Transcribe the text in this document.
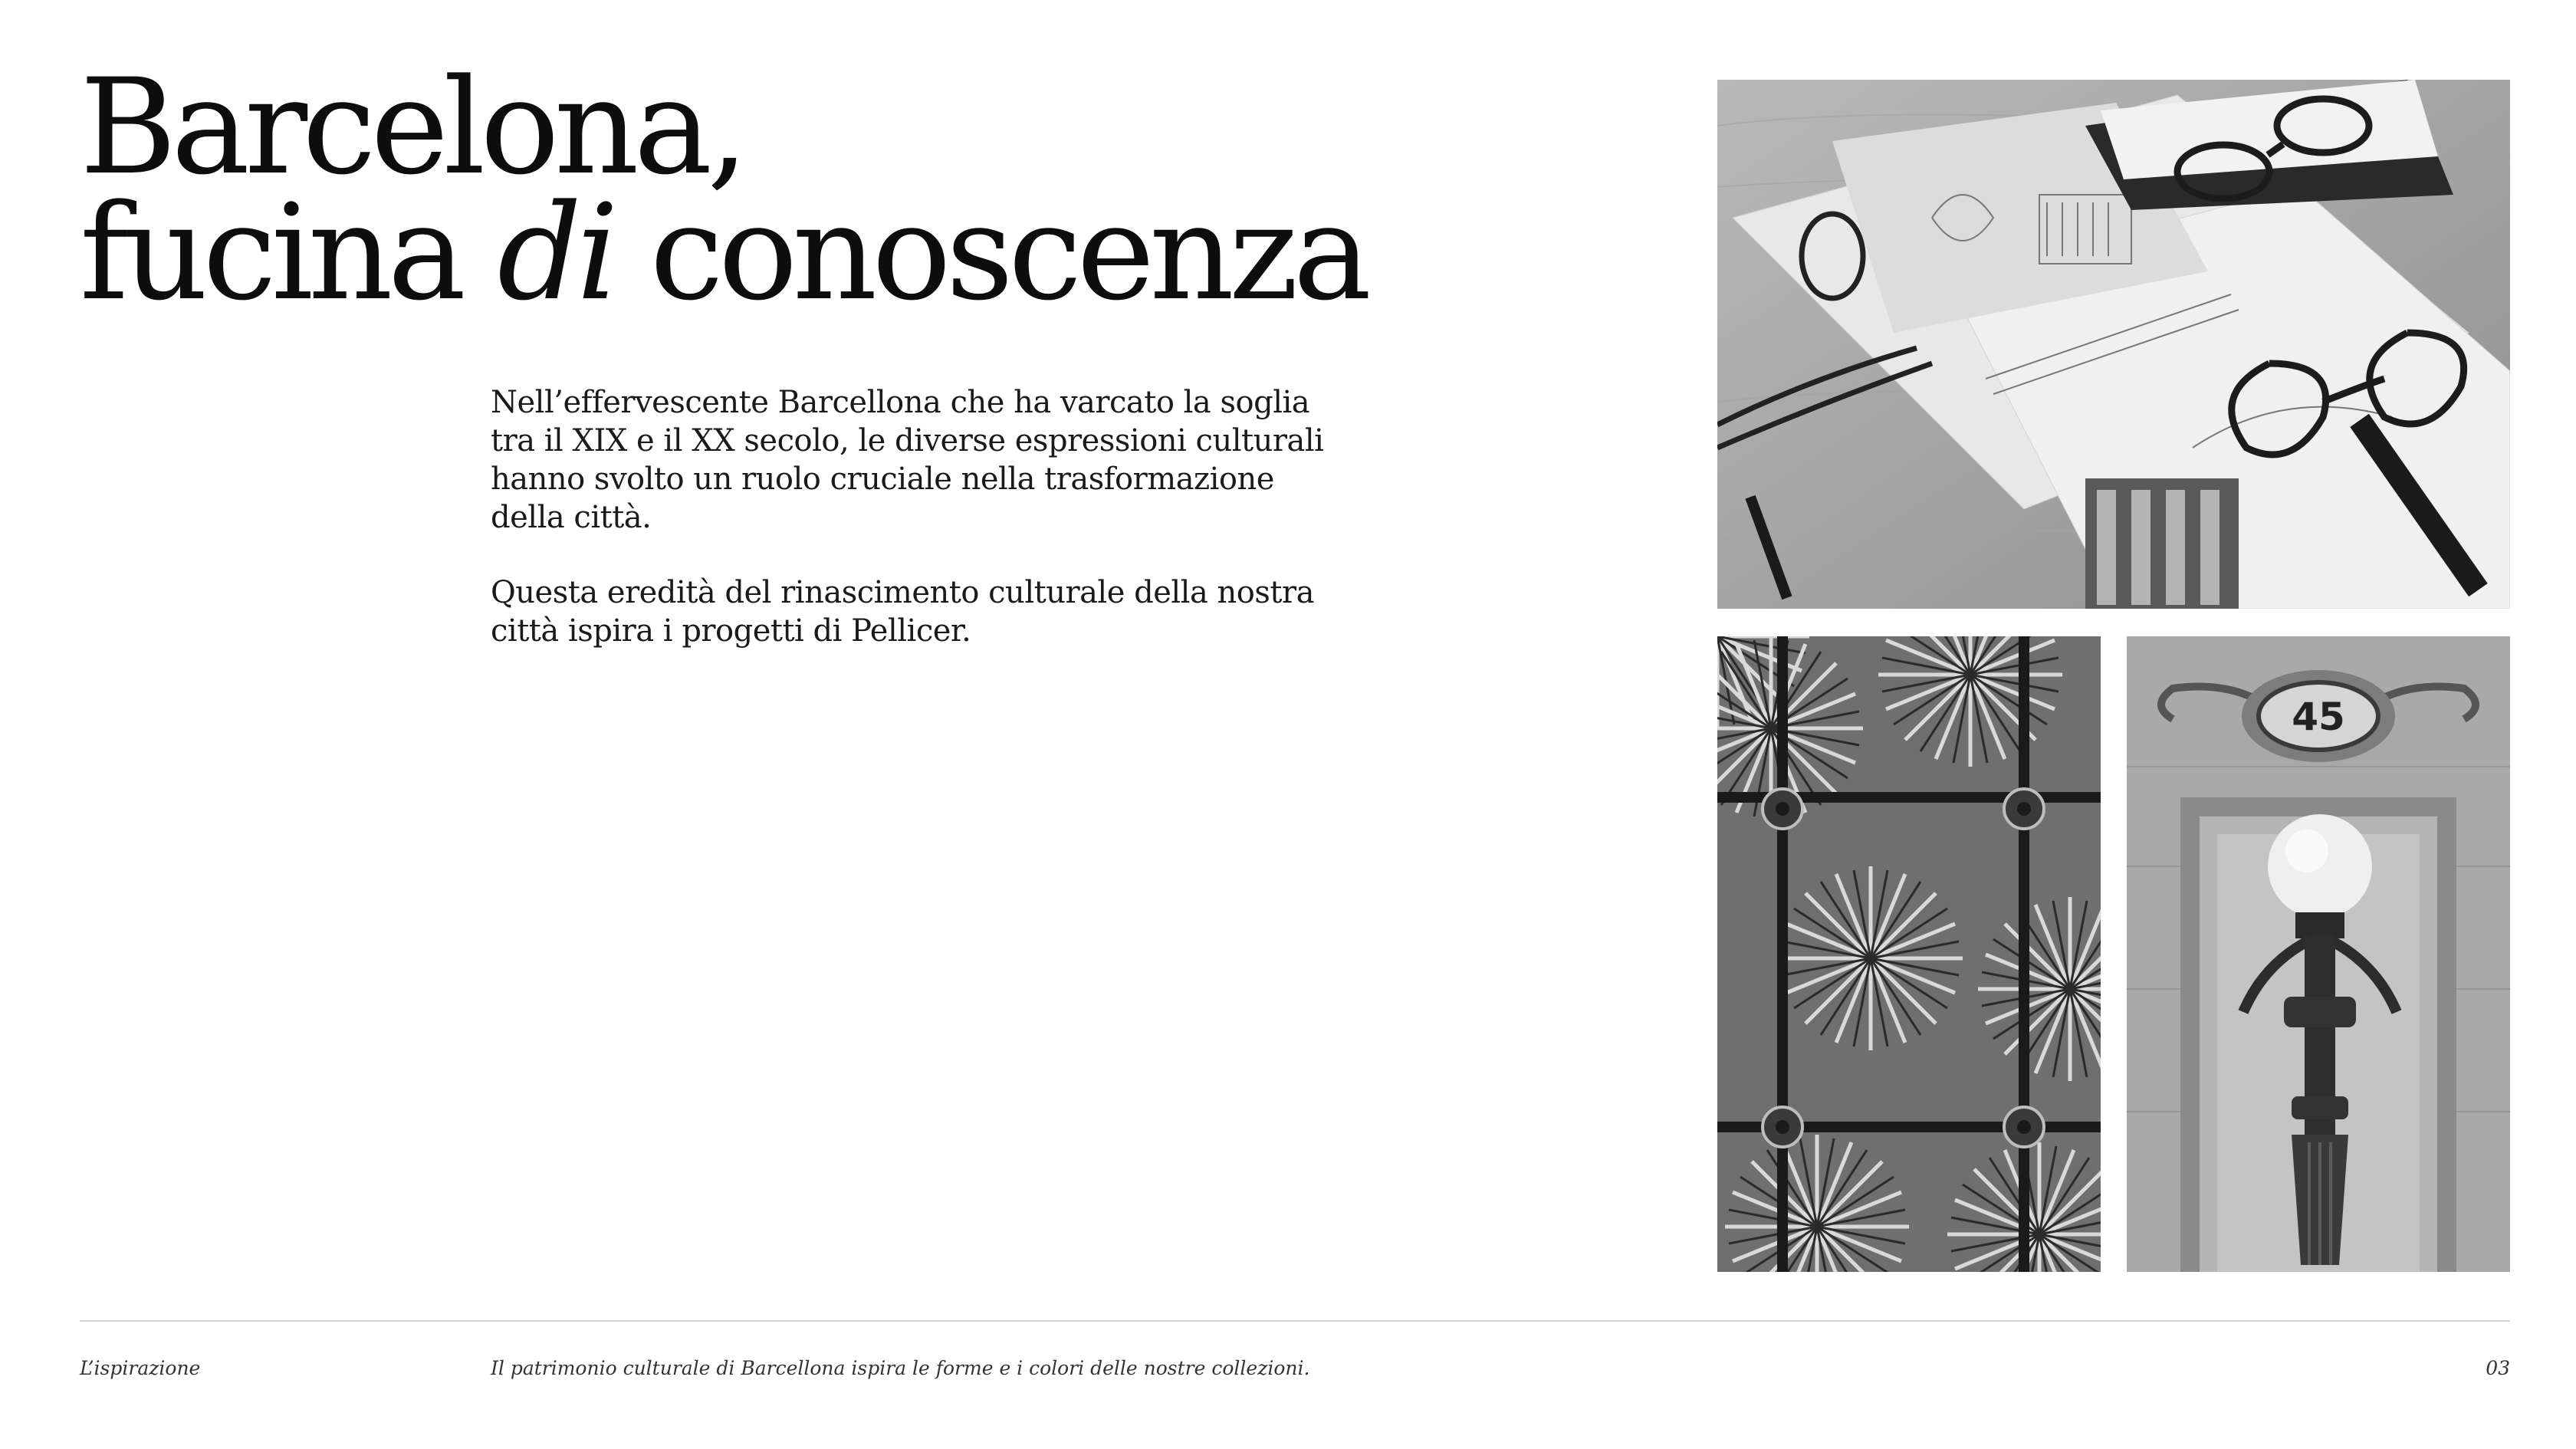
Barcelona,
fucina di conoscenza

Nell’effervescente Barcellona che ha varcato la soglia tra il XIX e il XX secolo, le diverse espressioni culturali hanno svolto un ruolo cruciale nella trasformazione della città.

Questa eredità del rinascimento culturale della nostra città ispira i progetti di Pellicer.

45
L’ispirazione	Il patrimonio culturale di Barcellona ispira le forme e i colori delle nostre collezioni.	03
